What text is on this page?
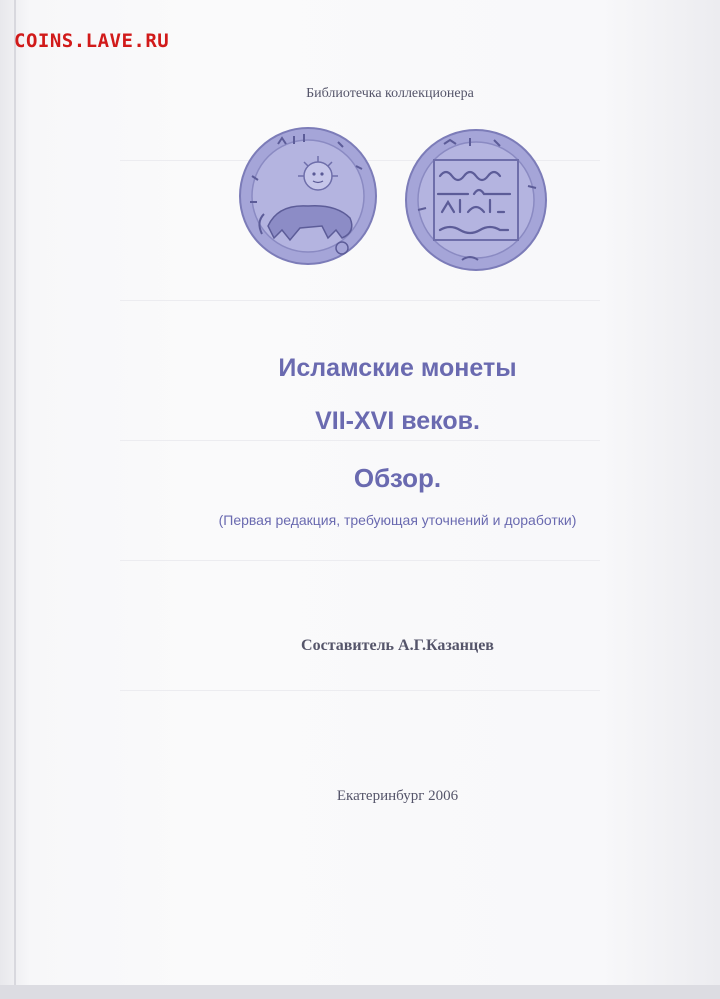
COINS.LAVE.RU
Библиотечка коллекционера
Исламские монеты
VII-XVI веков.
Обзор.
(Первая редакция, требующая уточнений и доработки)
Составитель А.Г.Казанцев
Екатеринбург 2006
